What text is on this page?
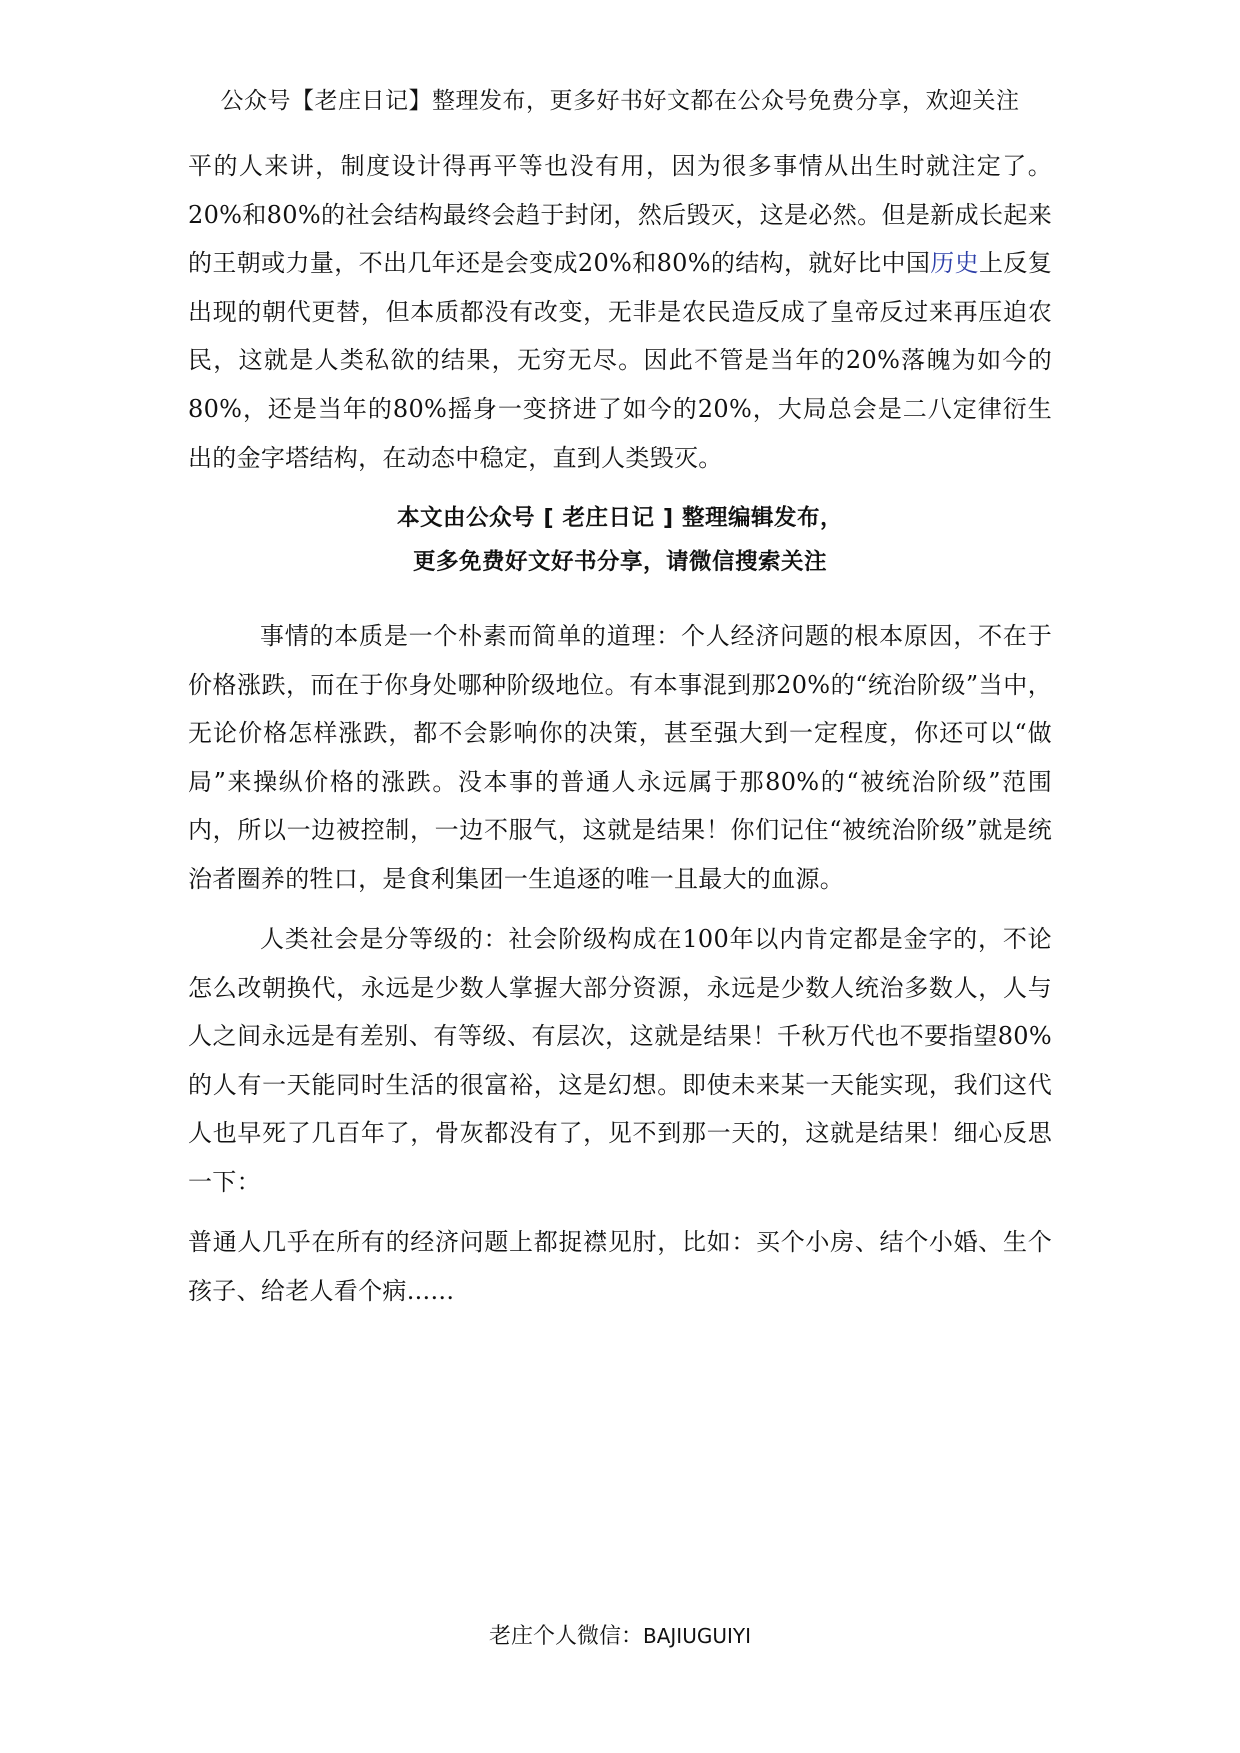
公众号【老庄日记】整理发布，更多好书好文都在公众号免费分享，欢迎关注

平的人来讲，制度设计得再平等也没有用，因为很多事情从出生时就注定了。20%和80%的社会结构最终会趋于封闭，然后毁灭，这是必然。但是新成长起来的王朝或力量，不出几年还是会变成20%和80%的结构，就好比中国历史上反复出现的朝代更替，但本质都没有改变，无非是农民造反成了皇帝反过来再压迫农民，这就是人类私欲的结果，无穷无尽。因此不管是当年的20%落魄为如今的80%，还是当年的80%摇身一变挤进了如今的20%，大局总会是二八定律衍生出的金字塔结构，在动态中稳定，直到人类毁灭。

本文由公众号 [ 老庄日记 ] 整理编辑发布，
更多免费好文好书分享，请微信搜索关注

事情的本质是一个朴素而简单的道理：个人经济问题的根本原因，不在于价格涨跌，而在于你身处哪种阶级地位。有本事混到那20%的“统治阶级”当中，无论价格怎样涨跌，都不会影响你的决策，甚至强大到一定程度，你还可以“做局”来操纵价格的涨跌。没本事的普通人永远属于那80%的“被统治阶级”范围内，所以一边被控制，一边不服气，这就是结果！你们记住“被统治阶级”就是统治者圈养的牲口，是食利集团一生追逐的唯一且最大的血源。

人类社会是分等级的：社会阶级构成在100年以内肯定都是金字的，不论怎么改朝换代，永远是少数人掌握大部分资源，永远是少数人统治多数人，人与人之间永远是有差别、有等级、有层次，这就是结果！千秋万代也不要指望80%的人有一天能同时生活的很富裕，这是幻想。即使未来某一天能实现，我们这代人也早死了几百年了，骨灰都没有了，见不到那一天的，这就是结果！细心反思一下：

普通人几乎在所有的经济问题上都捉襟见肘，比如：买个小房、结个小婚、生个孩子、给老人看个病......

老庄个人微信：BAJIUGUIYI
